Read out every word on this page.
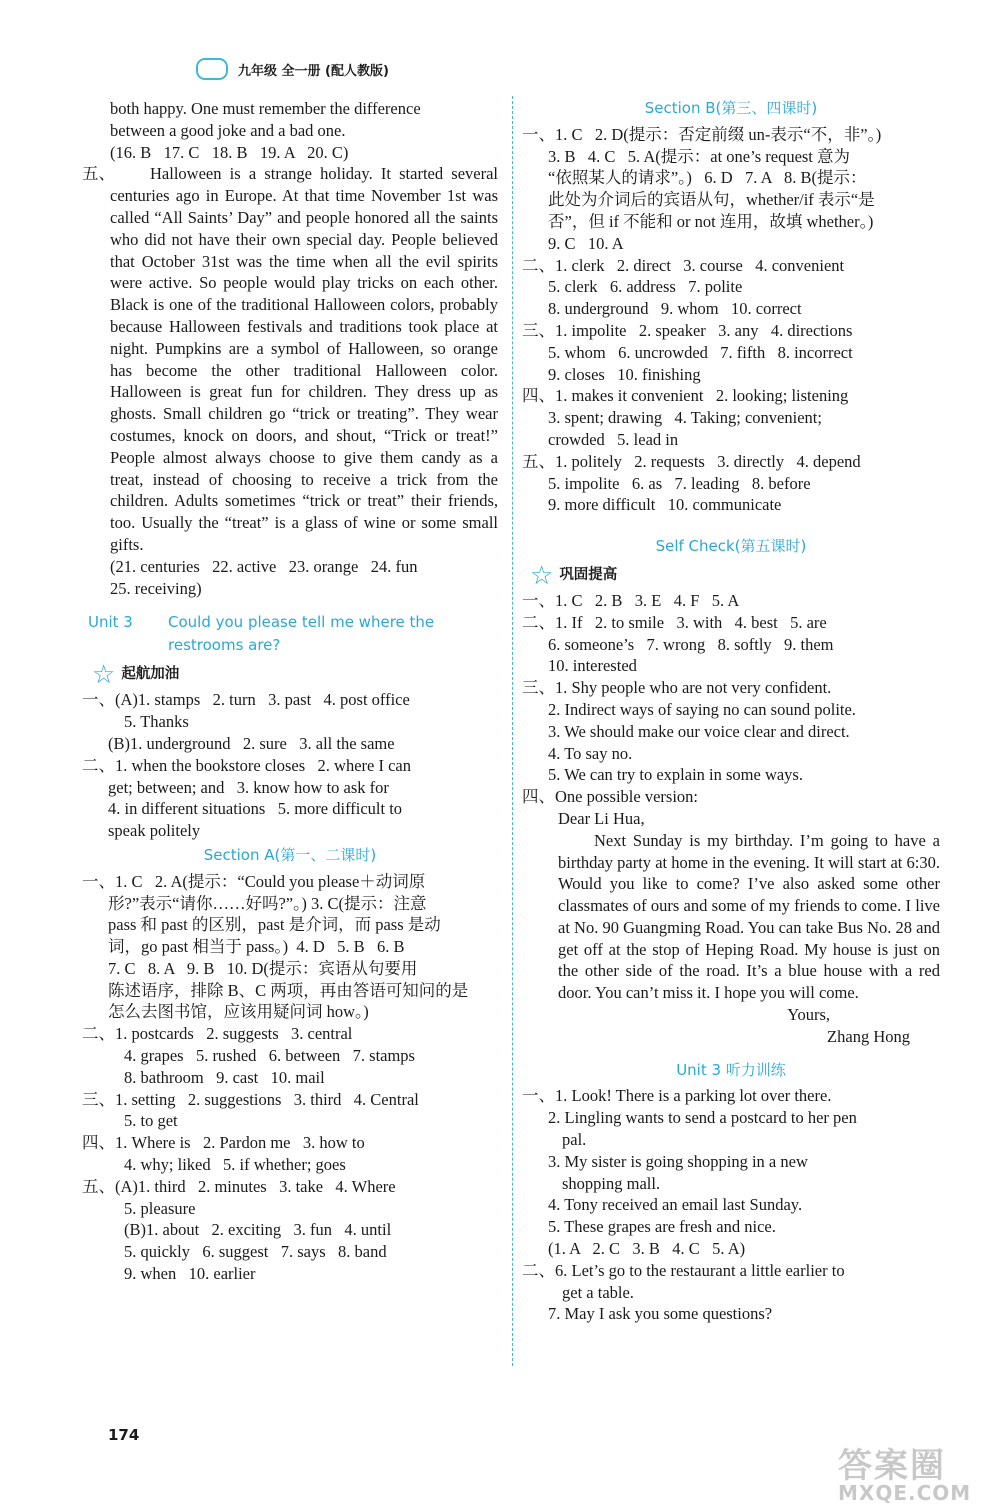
九年级 全一册 (配人教版)
both happy. One must remember the difference
between a good joke and a bad one.
(16. B   17. C   18. B   19. A   20. C)
五、	Halloween is a strange holiday. It started several centuries ago in Europe. At that time November 1st was called “All Saints’ Day” and people honored all the saints who did not have their own special day. People believed that October 31st was the time when all the evil spirits were active. So people would play tricks on each other. Black is one of the traditional Halloween colors, probably because Halloween festivals and traditions took place at night. Pumpkins are a symbol of Halloween, so orange has become the other traditional Halloween color. Halloween is great fun for children. They dress up as ghosts. Small children go “trick or treating”. They wear costumes, knock on doors, and shout, “Trick or treat!” People almost always choose to give them candy as a treat, instead of choosing to receive a trick from the children. Adults sometimes “trick or treat” their friends, too. Usually the “treat” is a glass of wine or some small gifts.
(21. centuries   22. active   23. orange   24. fun
25. receiving)
Unit 3	Could you please tell me where the
restrooms are?
☆ 起航加油
一、(A)1. stamps   2. turn   3. past   4. post office
5. Thanks
(B)1. underground   2. sure   3. all the same
二、1. when the bookstore closes   2. where I can
get; between; and   3. know how to ask for
4. in different situations   5. more difficult to
speak politely
Section A(第一、二课时)
一、1. C   2. A(提示：“Could you please＋动词原
形?”表示“请你……好吗?”。) 3. C(提示：注意
pass 和 past 的区别，past 是介词，而 pass 是动
词，go past 相当于 pass。)  4. D   5. B   6. B
7. C   8. A   9. B   10. D(提示：宾语从句要用
陈述语序，排除 B、C 两项，再由答语可知问的是
怎么去图书馆，应该用疑问词 how。)
二、1. postcards   2. suggests   3. central
4. grapes   5. rushed   6. between   7. stamps
8. bathroom   9. cast   10. mail
三、1. setting   2. suggestions   3. third   4. Central
5. to get
四、1. Where is   2. Pardon me   3. how to
4. why; liked   5. if whether; goes
五、(A)1. third   2. minutes   3. take   4. Where
5. pleasure
(B)1. about   2. exciting   3. fun   4. until
5. quickly   6. suggest   7. says   8. band
9. when   10. earlier
Section B(第三、四课时)
一、1. C   2. D(提示：否定前缀 un-表示“不，非”。)
3. B   4. C   5. A(提示：at one’s request 意为
“依照某人的请求”。)   6. D   7. A   8. B(提示：
此处为介词后的宾语从句，whether/if 表示“是
否”，但 if 不能和 or not 连用，故填 whether。)
9. C   10. A
二、1. clerk   2. direct   3. course   4. convenient
5. clerk   6. address   7. polite
8. underground   9. whom   10. correct
三、1. impolite   2. speaker   3. any   4. directions
5. whom   6. uncrowded   7. fifth   8. incorrect
9. closes   10. finishing
四、1. makes it convenient   2. looking; listening
3. spent; drawing   4. Taking; convenient;
crowded   5. lead in
五、1. politely   2. requests   3. directly   4. depend
5. impolite   6. as   7. leading   8. before
9. more difficult   10. communicate
Self Check(第五课时)
☆ 巩固提高
一、1. C   2. B   3. E   4. F   5. A
二、1. If   2. to smile   3. with   4. best   5. are
6. someone’s   7. wrong   8. softly   9. them
10. interested
三、1. Shy people who are not very confident.
2. Indirect ways of saying no can sound polite.
3. We should make our voice clear and direct.
4. To say no.
5. We can try to explain in some ways.
四、One possible version:
Dear Li Hua,
Next Sunday is my birthday. I’m going to have a birthday party at home in the evening. It will start at 6:30. Would you like to come? I’ve also asked some other classmates of ours and some of my friends to come. I live at No. 90 Guangming Road. You can take Bus No. 28 and get off at the stop of Heping Road. My house is just on the other side of the road. It’s a blue house with a red door. You can’t miss it. I hope you will come.
Yours,
Zhang Hong
Unit 3 听力训练
一、1. Look! There is a parking lot over there.
2. Lingling wants to send a postcard to her pen
pal.
3. My sister is going shopping in a new
shopping mall.
4. Tony received an email last Sunday.
5. These grapes are fresh and nice.
(1. A   2. C   3. B   4. C   5. A)
二、6. Let’s go to the restaurant a little earlier to
get a table.
7. May I ask you some questions?
174
答案圈
MXQE.COM
